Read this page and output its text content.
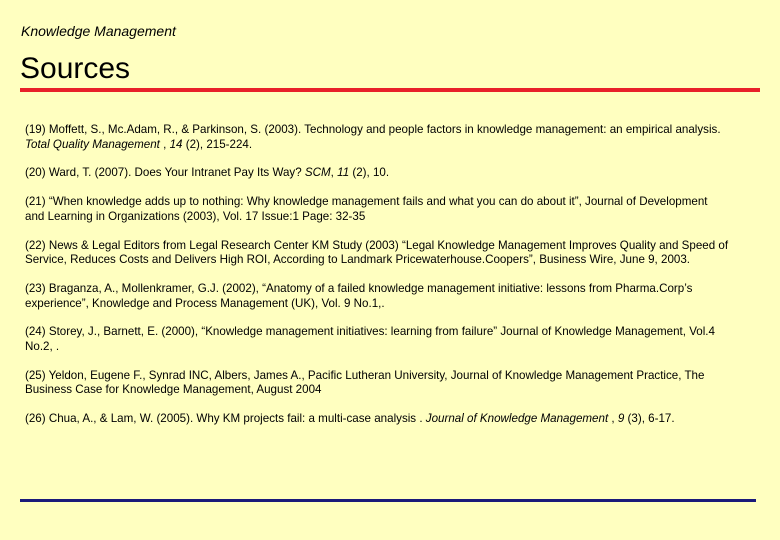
Knowledge Management
Sources
(19) Moffett, S., Mc.Adam, R., & Parkinson, S. (2003). Technology and people factors in knowledge management: an empirical analysis. Total Quality Management , 14 (2), 215-224.
(20) Ward, T. (2007). Does Your Intranet Pay Its Way? SCM, 11 (2), 10.
(21) “When knowledge adds up to nothing: Why knowledge management fails and what you can do about it”, Journal of Development and Learning in Organizations (2003), Vol. 17 Issue:1 Page: 32-35
(22) News & Legal Editors from Legal Research Center KM Study (2003) “Legal Knowledge Management Improves Quality and Speed of Service, Reduces Costs and Delivers High ROI, According to Landmark Pricewaterhouse.Coopers”, Business Wire, June 9, 2003.
(23) Braganza, A., Mollenkramer, G.J. (2002), “Anatomy of a failed knowledge management initiative: lessons from Pharma.Corp’s experience”, Knowledge and Process Management (UK), Vol. 9 No.1,.
(24) Storey, J., Barnett, E. (2000), “Knowledge management initiatives: learning from failure” Journal of Knowledge Management, Vol.4 No.2, .
(25) Yeldon, Eugene F., Synrad INC, Albers, James A., Pacific Lutheran University, Journal of Knowledge Management Practice, The Business Case for Knowledge Management, August 2004
(26) Chua, A., & Lam, W. (2005). Why KM projects fail: a multi-case analysis . Journal of Knowledge Management , 9 (3), 6-17.
